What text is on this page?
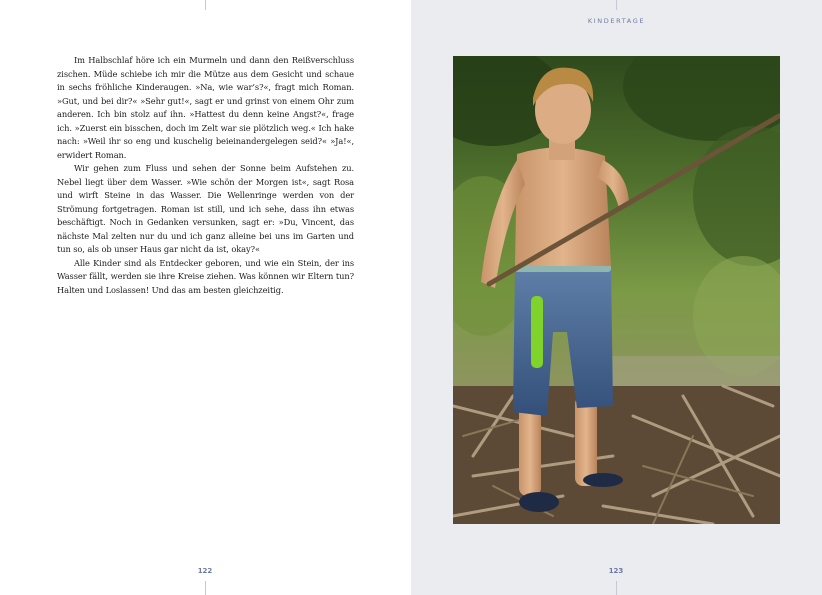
Im Halbschlaf höre ich ein Murmeln und dann den Reißverschluss zischen. Müde schiebe ich mir die Mütze aus dem Gesicht und schaue in sechs fröhliche Kinderaugen. »Na, wie war’s?«, fragt mich Roman. »Gut, und bei dir?« »Sehr gut!«, sagt er und grinst von einem Ohr zum anderen. Ich bin stolz auf ihn. »Hattest du denn keine Angst?«, frage ich. »Zuerst ein bisschen, doch im Zelt war sie plötzlich weg.« Ich hake nach: »Weil ihr so eng und kuschelig beieinandergelegen seid?« »Ja!«, erwidert Roman.

Wir gehen zum Fluss und sehen der Sonne beim Aufstehen zu. Nebel liegt über dem Wasser. »Wie schön der Morgen ist«, sagt Rosa und wirft Steine in das Wasser. Die Wellenringe werden von der Strömung fortgetragen. Roman ist still, und ich sehe, dass ihn etwas beschäftigt. Noch in Gedanken versunken, sagt er: »Du, Vincent, das nächste Mal zelten nur du und ich ganz alleine bei uns im Garten und tun so, als ob unser Haus gar nicht da ist, okay?«

Alle Kinder sind als Entdecker geboren, und wie ein Stein, der ins Wasser fällt, werden sie ihre Kreise ziehen. Was können wir Eltern tun? Halten und Loslassen! Und das am besten gleichzeitig.

122
KINDERTAGE
123
